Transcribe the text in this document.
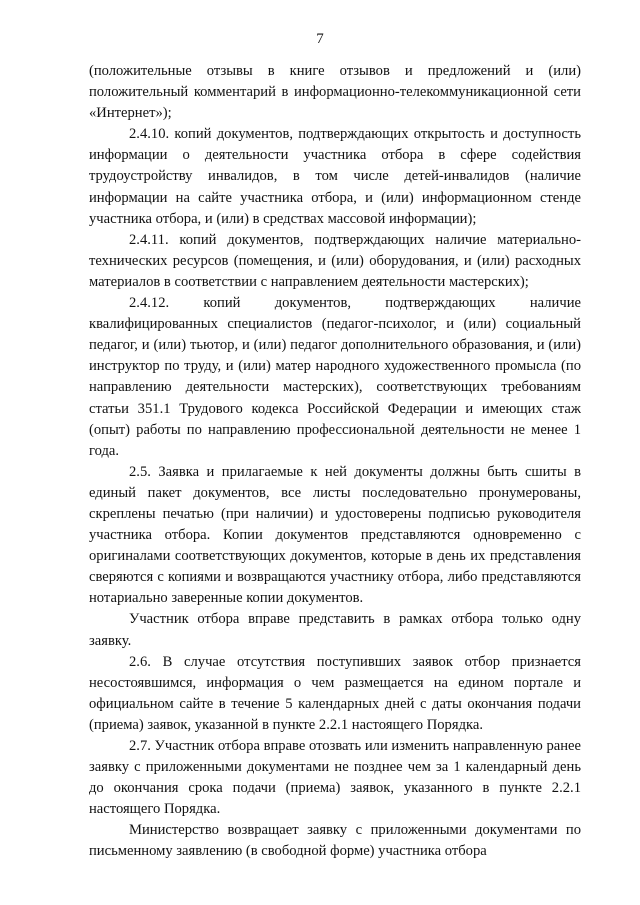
7

(положительные отзывы в книге отзывов и предложений и (или) положительный комментарий в информационно-телекоммуникационной сети «Интернет»);

2.4.10. копий документов, подтверждающих открытость и доступность информации о деятельности участника отбора в сфере содействия трудоустройству инвалидов, в том числе детей-инвалидов (наличие информации на сайте участника отбора, и (или) информационном стенде участника отбора, и (или) в средствах массовой информации);

2.4.11. копий документов, подтверждающих наличие материально-технических ресурсов (помещения, и (или) оборудования, и (или) расходных материалов в соответствии с направлением деятельности мастерских);

2.4.12. копий документов, подтверждающих наличие квалифицированных специалистов (педагог-психолог, и (или) социальный педагог, и (или) тьютор, и (или) педагог дополнительного образования, и (или) инструктор по труду, и (или) матер народного художественного промысла (по направлению деятельности мастерских), соответствующих требованиям статьи 351.1 Трудового кодекса Российской Федерации и имеющих стаж (опыт) работы по направлению профессиональной деятельности не менее 1 года.

2.5. Заявка и прилагаемые к ней документы должны быть сшиты в единый пакет документов, все листы последовательно пронумерованы, скреплены печатью (при наличии) и удостоверены подписью руководителя участника отбора. Копии документов представляются одновременно с оригиналами соответствующих документов, которые в день их представления сверяются с копиями и возвращаются участнику отбора, либо представляются нотариально заверенные копии документов.

Участник отбора вправе представить в рамках отбора только одну заявку.

2.6. В случае отсутствия поступивших заявок отбор признается несостоявшимся, информация о чем размещается на едином портале и официальном сайте в течение 5 календарных дней с даты окончания подачи (приема) заявок, указанной в пункте 2.2.1 настоящего Порядка.

2.7. Участник отбора вправе отозвать или изменить направленную ранее заявку с приложенными документами не позднее чем за 1 календарный день до окончания срока подачи (приема) заявок, указанного в пункте 2.2.1 настоящего Порядка.

Министерство возвращает заявку с приложенными документами по письменному заявлению (в свободной форме) участника отбора
